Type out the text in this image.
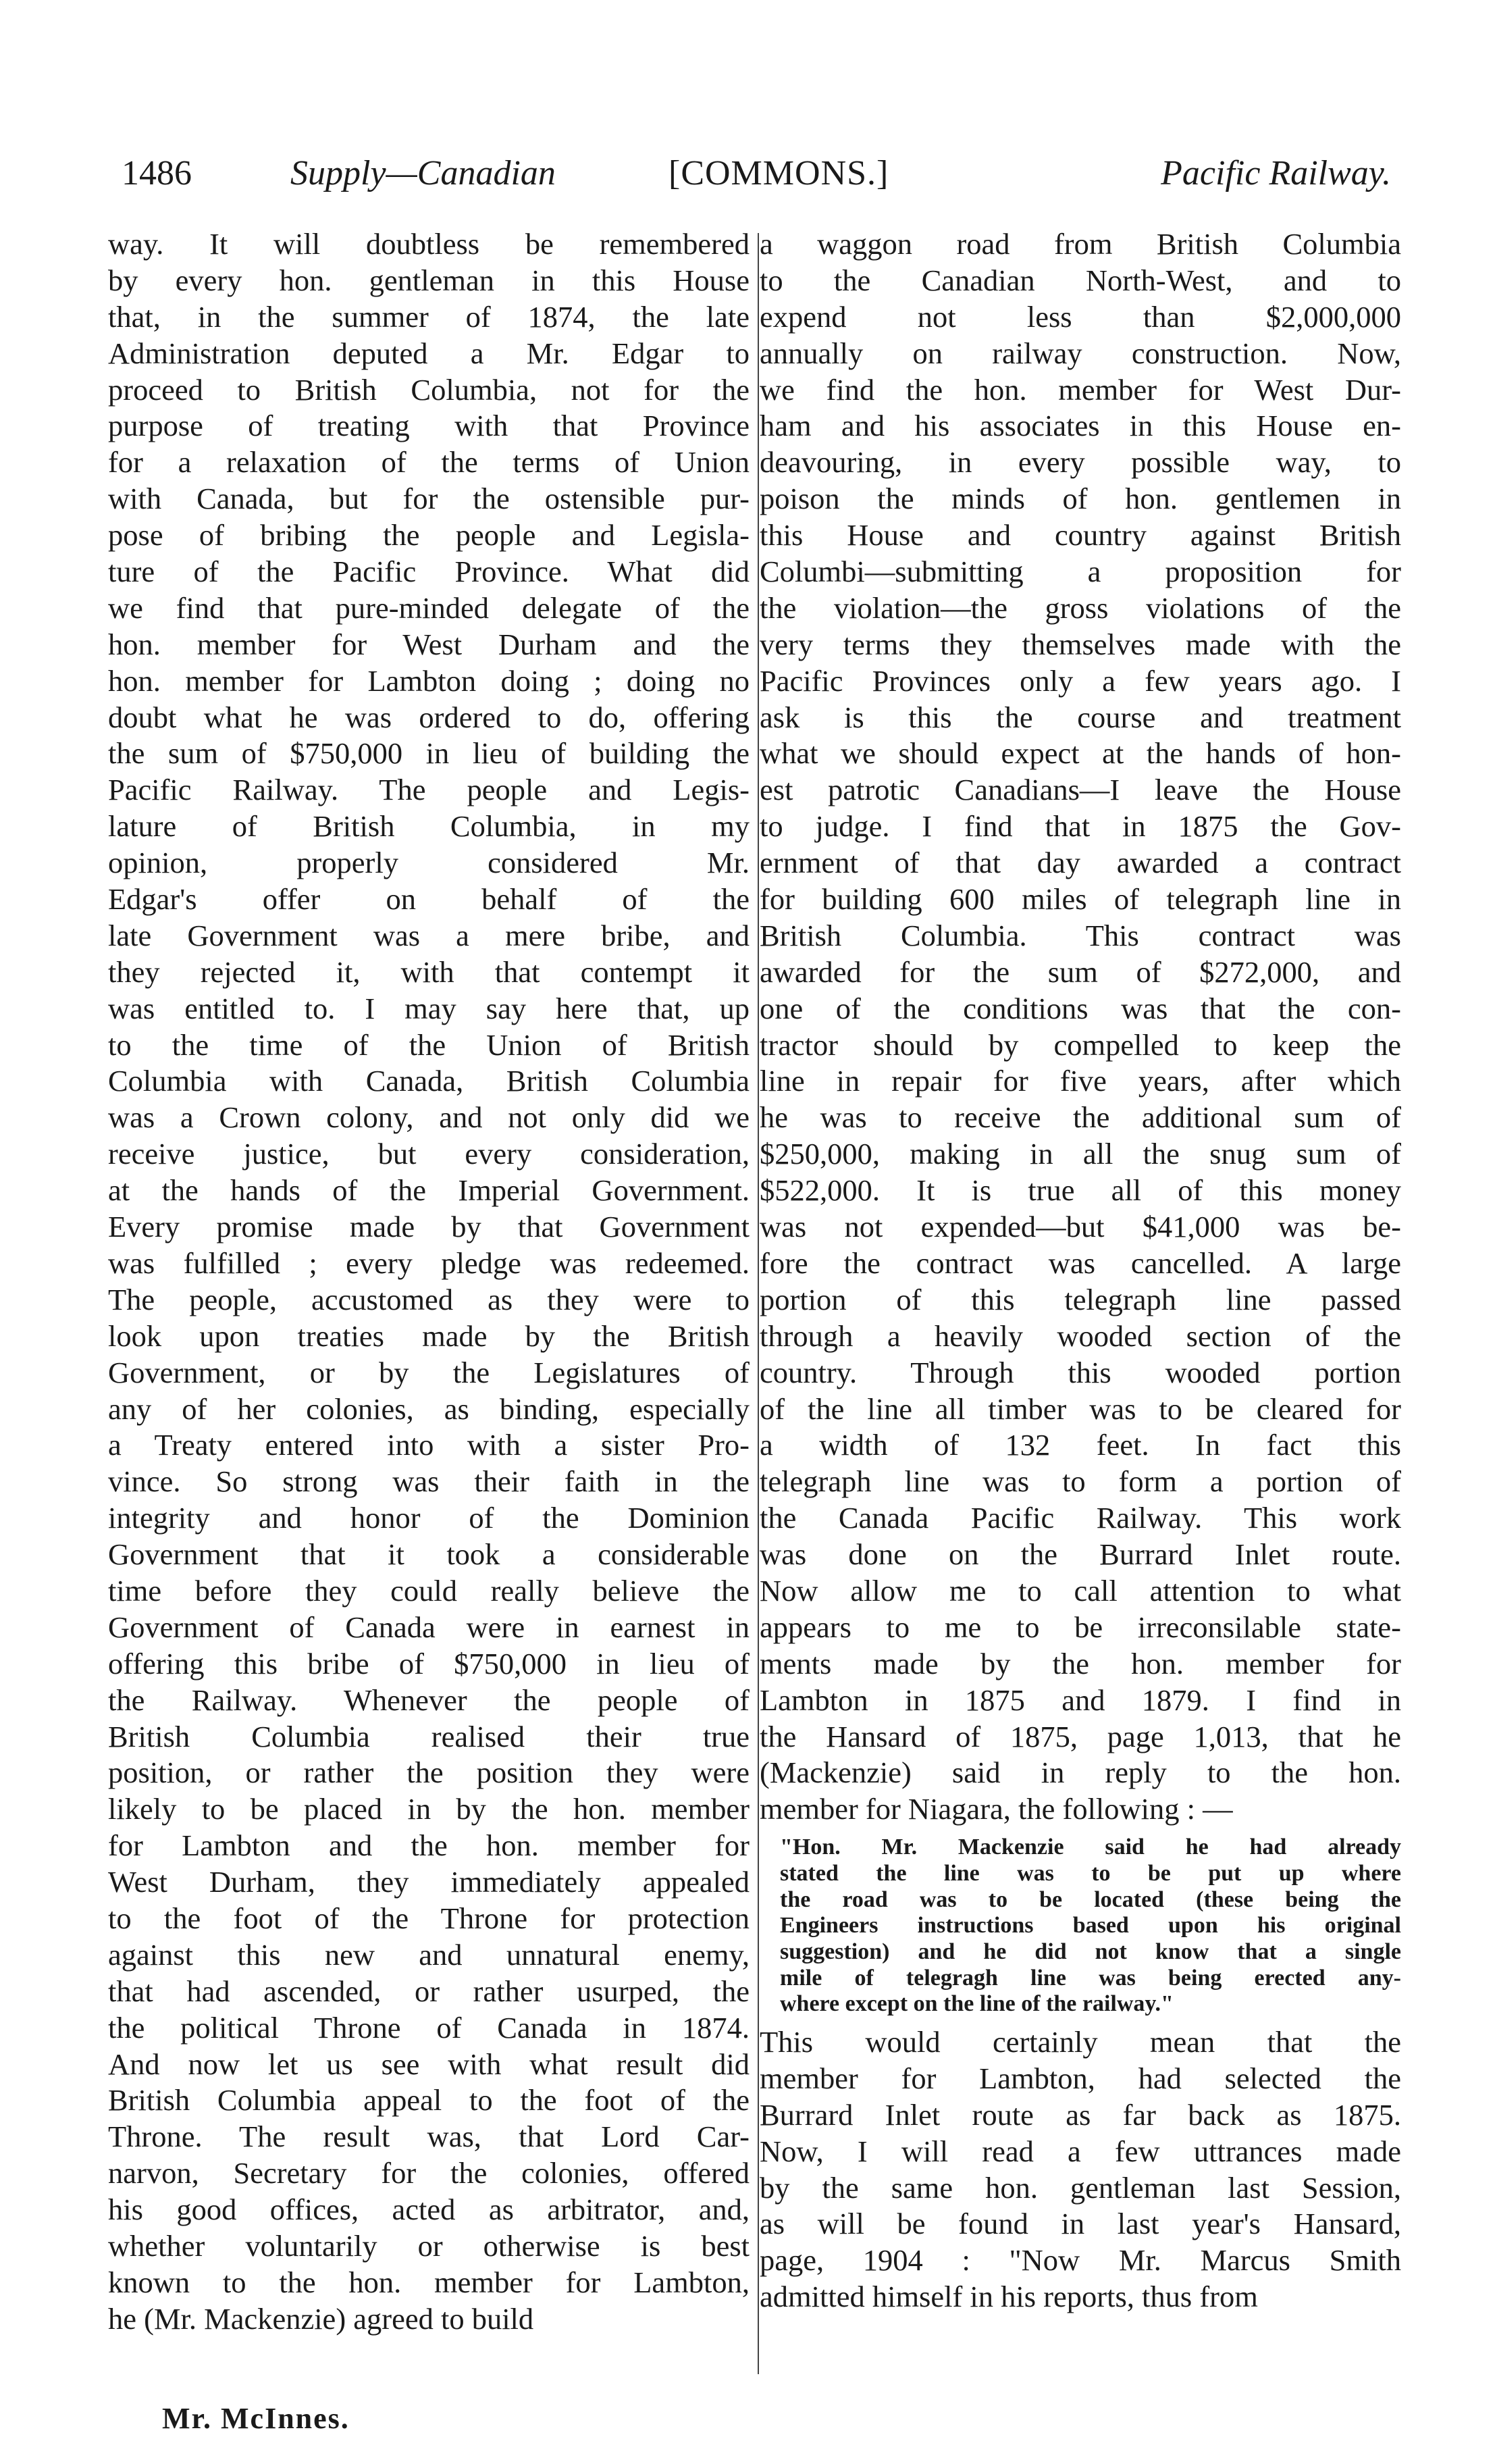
1486	Supply—Canadian	[COMMONS.]	Pacific Railway.
way. It will doubtless be remembered
by every hon. gentleman in this House
that, in the summer of 1874, the late
Administration deputed a Mr. Edgar to
proceed to British Columbia, not for the
purpose of treating with that Province
for a relaxation of the terms of Union
with Canada, but for the ostensible pur-
pose of bribing the people and Legisla-
ture of the Pacific Province. What did
we find that pure-minded delegate of the
hon. member for West Durham and the
hon. member for Lambton doing ; doing no
doubt what he was ordered to do, offering
the sum of $750,000 in lieu of building the
Pacific Railway. The people and Legis-
lature of British Columbia, in my
opinion, properly considered Mr.
Edgar's offer on behalf of the
late Government was a mere bribe, and
they rejected it, with that contempt it
was entitled to. I may say here that, up
to the time of the Union of British
Columbia with Canada, British Columbia
was a Crown colony, and not only did we
receive justice, but every consideration,
at the hands of the Imperial Government.
Every promise made by that Government
was fulfilled ; every pledge was redeemed.
The people, accustomed as they were to
look upon treaties made by the British
Government, or by the Legislatures of
any of her colonies, as binding, especially
a Treaty entered into with a sister Pro-
vince. So strong was their faith in the
integrity and honor of the Dominion
Government that it took a considerable
time before they could really believe the
Government of Canada were in earnest in
offering this bribe of $750,000 in lieu of
the Railway. Whenever the people of
British Columbia realised their true
position, or rather the position they were
likely to be placed in by the hon. member
for Lambton and the hon. member for
West Durham, they immediately appealed
to the foot of the Throne for protection
against this new and unnatural enemy,
that had ascended, or rather usurped, the
the political Throne of Canada in 1874.
And now let us see with what result did
British Columbia appeal to the foot of the
Throne. The result was, that Lord Car-
narvon, Secretary for the colonies, offered
his good offices, acted as arbitrator, and,
whether voluntarily or otherwise is best
known to the hon. member for Lambton,
he (Mr. Mackenzie) agreed to build
a waggon road from British Columbia
to the Canadian North-West, and to
expend not less than $2,000,000
annually on railway construction. Now,
we find the hon. member for West Dur-
ham and his associates in this House en-
deavouring, in every possible way, to
poison the minds of hon. gentlemen in
this House and country against British
Columbi—submitting a proposition for
the violation—the gross violations of the
very terms they themselves made with the
Pacific Provinces only a few years ago. I
ask is this the course and treatment
what we should expect at the hands of hon-
est patrotic Canadians—I leave the House
to judge. I find that in 1875 the Gov-
ernment of that day awarded a contract
for building 600 miles of telegraph line in
British Columbia. This contract was
awarded for the sum of $272,000, and
one of the conditions was that the con-
tractor should by compelled to keep the
line in repair for five years, after which
he was to receive the additional sum of
$250,000, making in all the snug sum of
$522,000. It is true all of this money
was not expended—but $41,000 was be-
fore the contract was cancelled. A large
portion of this telegraph line passed
through a heavily wooded section of the
country. Through this wooded portion
of the line all timber was to be cleared for
a width of 132 feet. In fact this
telegraph line was to form a portion of
the Canada Pacific Railway. This work
was done on the Burrard Inlet route.
Now allow me to call attention to what
appears to me to be irreconsilable state-
ments made by the hon. member for
Lambton in 1875 and 1879. I find in
the Hansard of 1875, page 1,013, that he
(Mackenzie) said in reply to the hon.
member for Niagara, the following : —
"Hon. Mr. Mackenzie said he had already
stated the line was to be put up where
the road was to be located (these being the
Engineers instructions based upon his original
suggestion) and he did not know that a single
mile of telegragh line was being erected any-
where except on the line of the railway."
This would certainly mean that the
member for Lambton, had selected the
Burrard Inlet route as far back as 1875.
Now, I will read a few uttrances made
by the same hon. gentleman last Session,
as will be found in last year's Hansard,
page, 1904 : "Now Mr. Marcus Smith
admitted himself in his reports, thus from
Mr. McInnes.
